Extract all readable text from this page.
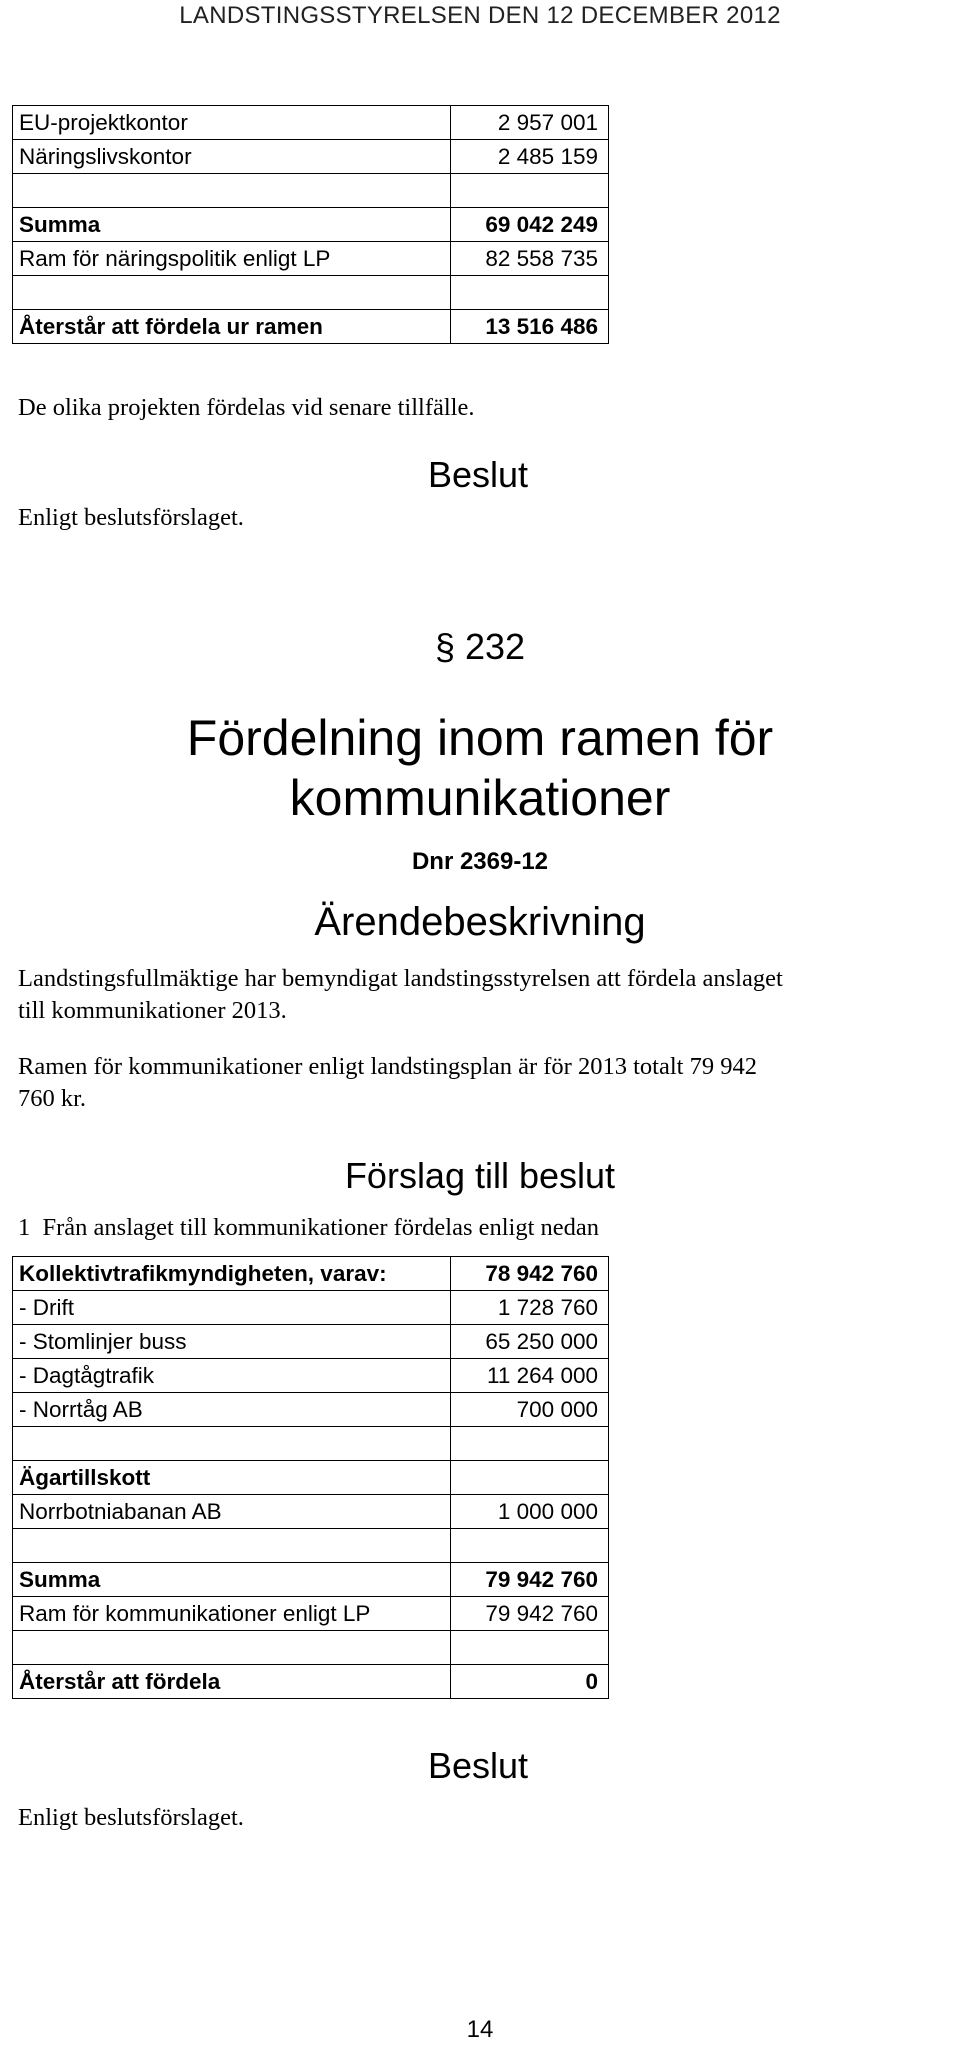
LANDSTINGSSTYRELSEN DEN 12 DECEMBER 2012
EU-projektkontor	2 957 001
Näringslivskontor	2 485 159

Summa	69 042 249
Ram för näringspolitik enligt LP	82 558 735

Återstår att fördela ur ramen	13 516 486
De olika projekten fördelas vid senare tillfälle.
Beslut
Enligt beslutsförslaget.
§ 232
Fördelning inom ramen för
kommunikationer
Dnr 2369-12
Ärendebeskrivning
Landstingsfullmäktige har bemyndigat landstingsstyrelsen att fördela anslaget
till kommunikationer 2013.
Ramen för kommunikationer enligt landstingsplan är för 2013 totalt 79 942
760 kr.
Förslag till beslut
1  Från anslaget till kommunikationer fördelas enligt nedan
Kollektivtrafikmyndigheten, varav:	78 942 760
- Drift	1 728 760
- Stomlinjer buss	65 250 000
- Dagtågtrafik	11 264 000
- Norrtåg AB	700 000

Ägartillskott	
Norrbotniabanan AB	1 000 000

Summa	79 942 760
Ram för kommunikationer enligt LP	79 942 760

Återstår att fördela	0
Beslut
Enligt beslutsförslaget.
14
